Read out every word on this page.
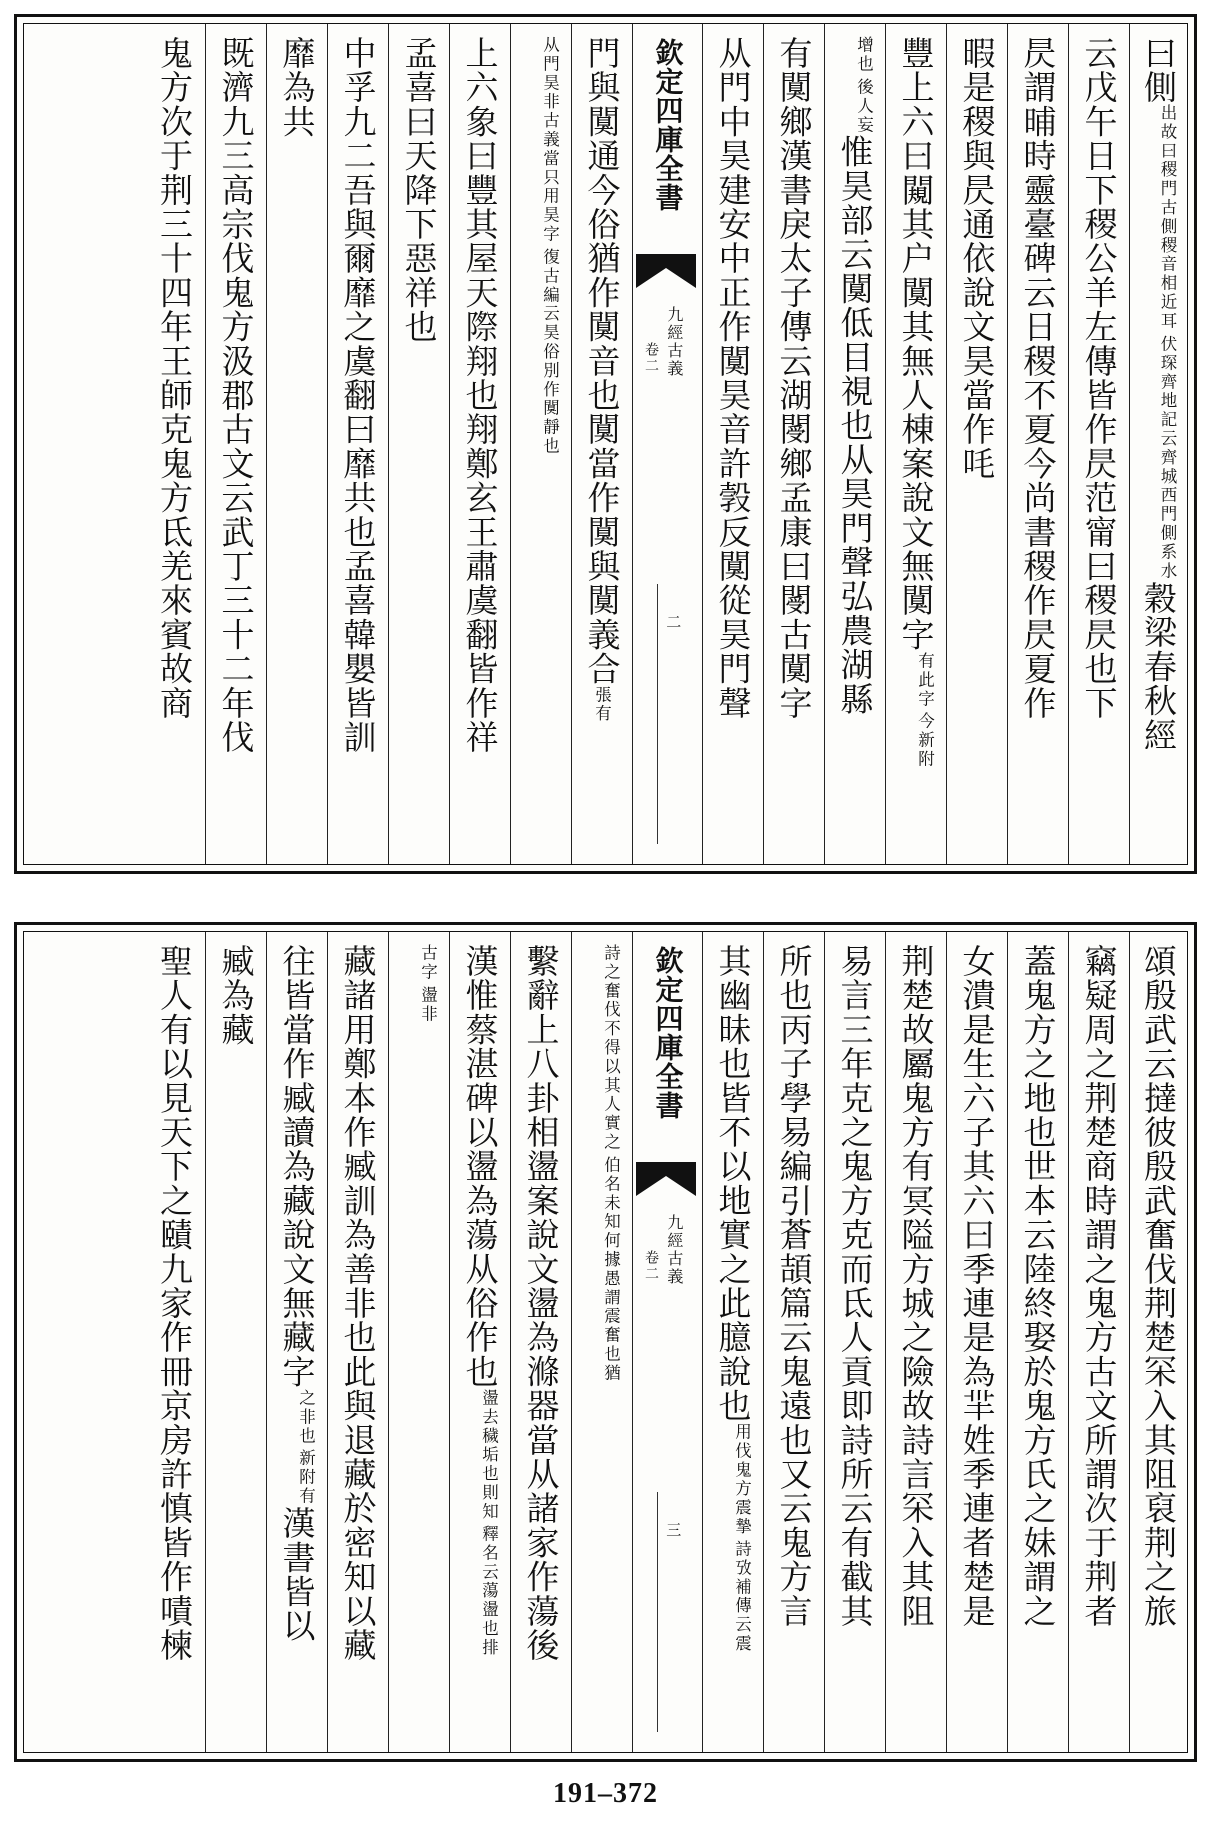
曰側
伏琛齊地記云齊城西門側系水
出故曰稷門古側稷音相近耳
穀梁春秋經
云戊午日下稷公羊左傳皆作昃范甯曰稷昃也下
昃謂晡時靈臺碑云日稷不夏今尚書稷作昃夏作
暇是稷與昃通依說文昊當作㕰
豐上六曰闚其户闃其無人棟案說文無闃字
今新附
有此字
後人妄
增也
惟昊部云闃低目視也从昊門聲弘農湖縣
有闃鄉漢書戾太子傳云湖閿鄉孟康曰閿古闃字
从門中昊建安中正作闃昊音許㝅反闃從昊門聲
欽定四庫全書
九經古義
卷二
二
門與闃通今俗猶作闃音也闃當作闃與闃義合張有
復古編云昊俗別作闃靜也
从門昊非古義當只用昊字
上六象曰豐其屋天際翔也翔鄭玄王肅虞翻皆作祥
孟喜曰天降下惡祥也
中孚九二吾與爾靡之虞翻曰靡共也孟喜韓嬰皆訓
靡為共
既濟九三高宗伐鬼方汲郡古文云武丁三十二年伐
鬼方次于荆三十四年王師克鬼方氐羌來賓故商
頌殷武云撻彼殷武奮伐荆楚罙入其阻裒荆之旅
竊疑周之荆楚商時謂之鬼方古文所謂次于荆者
蓋鬼方之地也世本云陸終娶於鬼方氏之妹謂之
女潰是生六子其六曰季連是為羋姓季連者楚是
荆楚故屬鬼方有冥隘方城之險故詩言罙入其阻
易言三年克之鬼方克而氐人貢即詩所云有截其
所也丙子學易編引蒼頡篇云鬼遠也又云鬼方言
其幽昧也皆不以地實之此臆說也
詩攷補傳云震
用伐鬼方震摯
欽定四庫全書
九經古義
卷二
三
伯名未知何據愚謂震奮也猶
詩之奮伐不得以其人實之
繫辭上八卦相盪案說文盪為滌器當从諸家作蕩後
漢惟蔡湛碑以盪為蕩从俗作也
釋名云蕩盪也排
盪去穢垢也則知
盪非
古字
藏諸用鄭本作臧訓為善非也此與退藏於密知以藏
往皆當作臧讀為藏說文無藏字
新附有
之非也
漢書皆以
臧為藏
聖人有以見天下之賾九家作冊京房許慎皆作嘖楝
191–372
